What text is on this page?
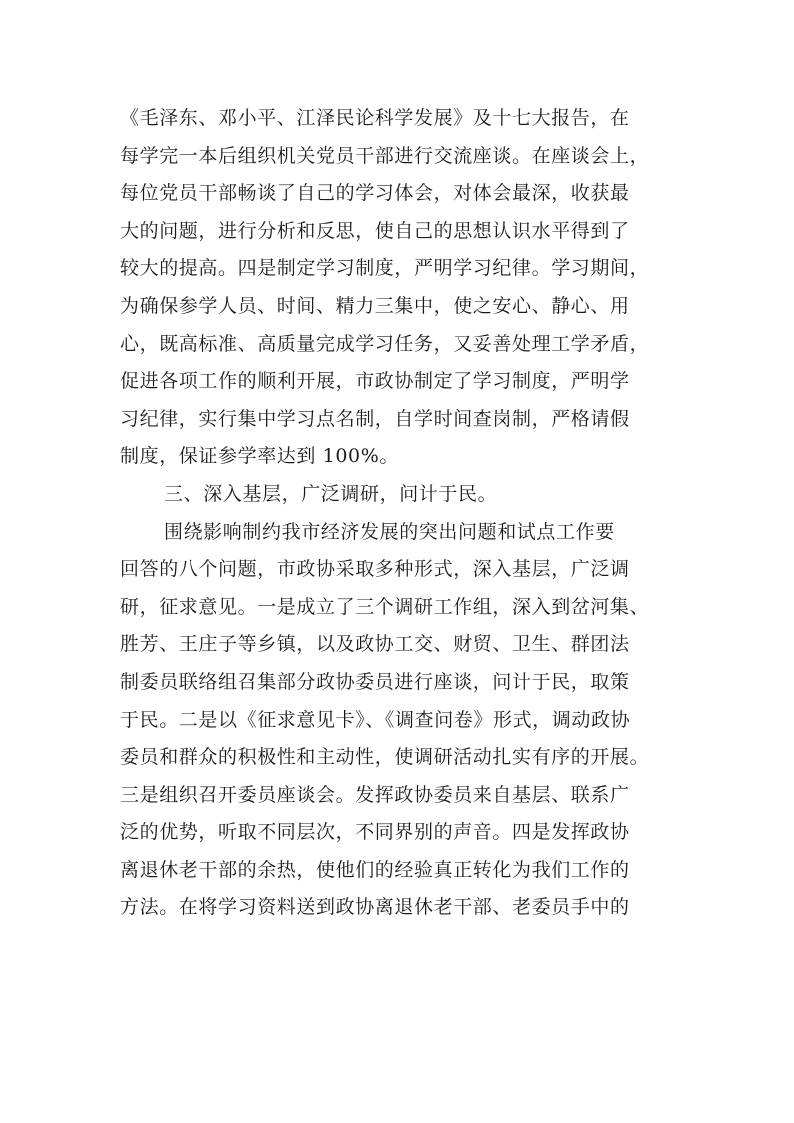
《毛泽东、邓小平、江泽民论科学发展》及十七大报告，在
每学完一本后组织机关党员干部进行交流座谈。在座谈会上，
每位党员干部畅谈了自己的学习体会，对体会最深，收获最
大的问题，进行分析和反思，使自己的思想认识水平得到了
较大的提高。四是制定学习制度，严明学习纪律。学习期间，
为确保参学人员、时间、精力三集中，使之安心、静心、用
心，既高标准、高质量完成学习任务，又妥善处理工学矛盾，
促进各项工作的顺利开展，市政协制定了学习制度，严明学
习纪律，实行集中学习点名制，自学时间查岗制，严格请假
制度，保证参学率达到 100%。
三、深入基层，广泛调研，问计于民。
围绕影响制约我市经济发展的突出问题和试点工作要
回答的八个问题，市政协采取多种形式，深入基层，广泛调
研，征求意见。一是成立了三个调研工作组，深入到岔河集、
胜芳、王庄子等乡镇，以及政协工交、财贸、卫生、群团法
制委员联络组召集部分政协委员进行座谈，问计于民，取策
于民。二是以《征求意见卡》、《调查问卷》形式，调动政协
委员和群众的积极性和主动性，使调研活动扎实有序的开展。
三是组织召开委员座谈会。发挥政协委员来自基层、联系广
泛的优势，听取不同层次，不同界别的声音。四是发挥政协
离退休老干部的余热，使他们的经验真正转化为我们工作的
方法。在将学习资料送到政协离退休老干部、老委员手中的
